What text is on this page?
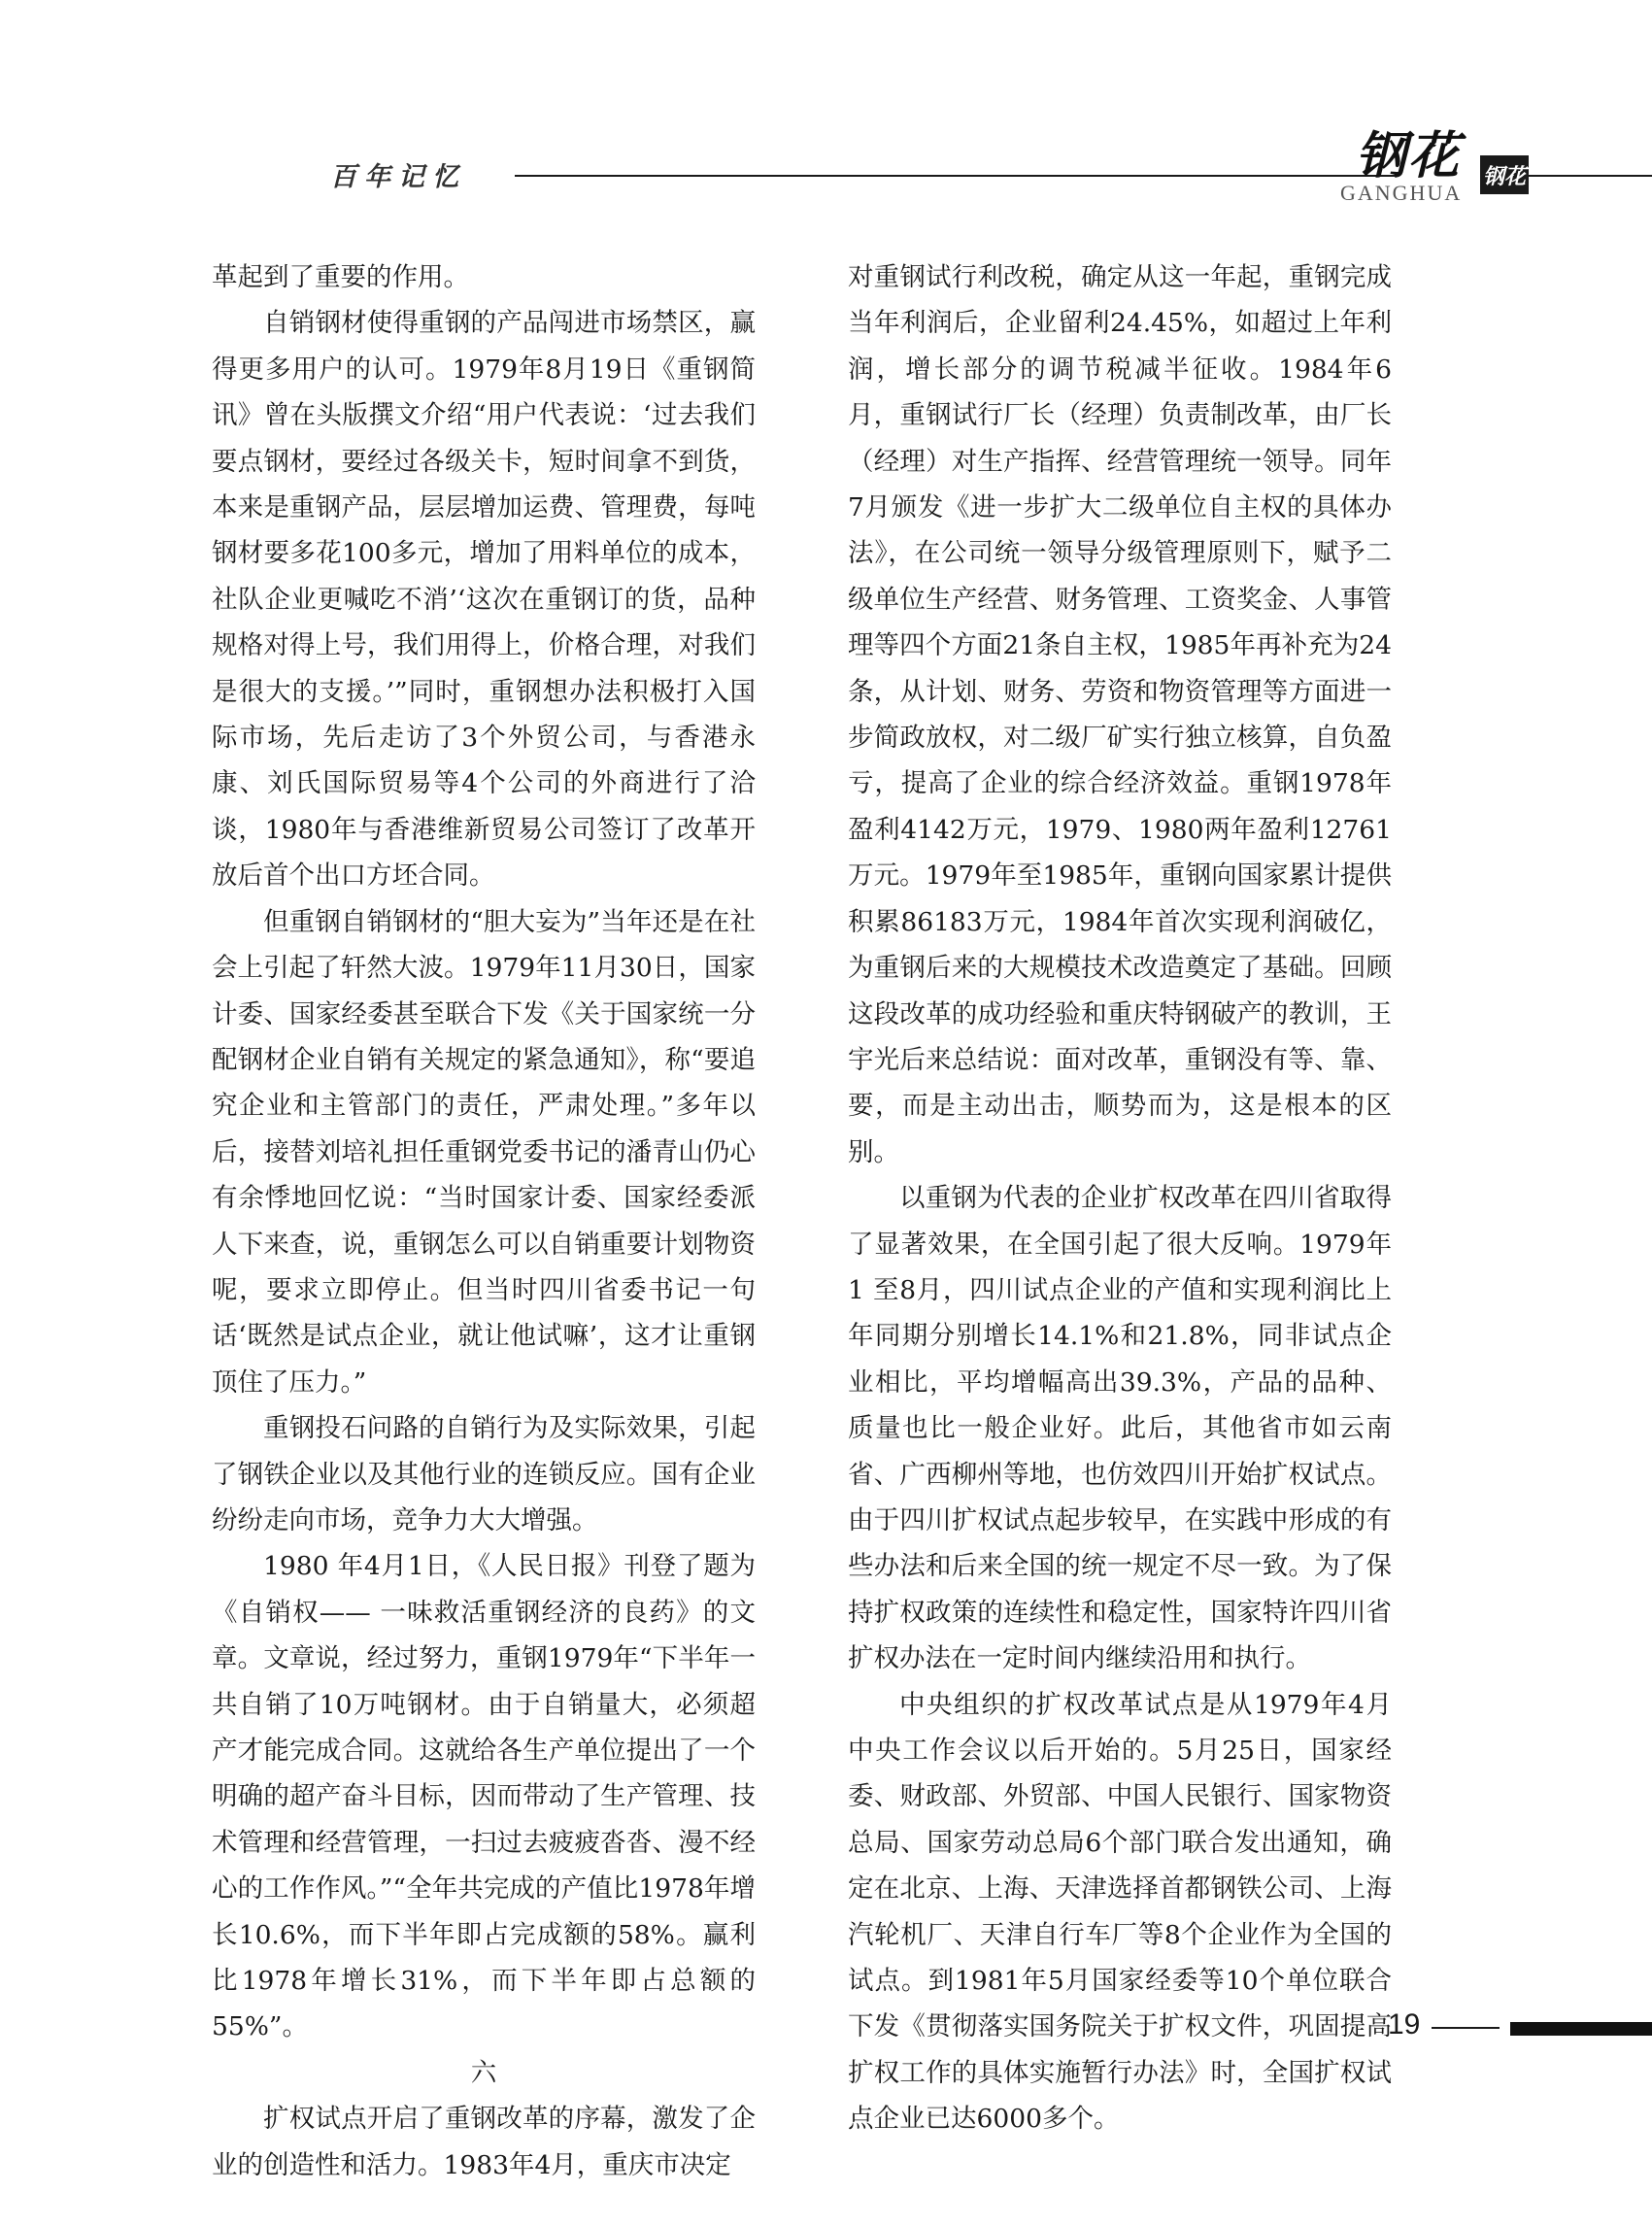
百年记忆	钢花
GANGHUA
钢花

革起到了重要的作用。

自销钢材使得重钢的产品闯进市场禁区，赢得更多用户的认可。1979年8月19日《重钢简讯》曾在头版撰文介绍“用户代表说：‘过去我们要点钢材，要经过各级关卡，短时间拿不到货，本来是重钢产品，层层增加运费、管理费，每吨钢材要多花100多元，增加了用料单位的成本，社队企业更喊吃不消’‘这次在重钢订的货，品种规格对得上号，我们用得上，价格合理，对我们是很大的支援。’”同时，重钢想办法积极打入国际市场，先后走访了3个外贸公司，与香港永康、刘氏国际贸易等4个公司的外商进行了洽谈，1980年与香港维新贸易公司签订了改革开放后首个出口方坯合同。

但重钢自销钢材的“胆大妄为”当年还是在社会上引起了轩然大波。1979年11月30日，国家计委、国家经委甚至联合下发《关于国家统一分配钢材企业自销有关规定的紧急通知》，称“要追究企业和主管部门的责任，严肃处理。”多年以后，接替刘培礼担任重钢党委书记的潘青山仍心有余悸地回忆说：“当时国家计委、国家经委派人下来查，说，重钢怎么可以自销重要计划物资呢，要求立即停止。但当时四川省委书记一句话‘既然是试点企业，就让他试嘛’，这才让重钢顶住了压力。”

重钢投石问路的自销行为及实际效果，引起了钢铁企业以及其他行业的连锁反应。国有企业纷纷走向市场，竞争力大大增强。

1980 年4月1日，《人民日报》刊登了题为《自销权—— 一味救活重钢经济的良药》的文章。文章说，经过努力，重钢1979年“下半年一共自销了10万吨钢材。由于自销量大，必须超产才能完成合同。这就给各生产单位提出了一个明确的超产奋斗目标，因而带动了生产管理、技术管理和经营管理，一扫过去疲疲沓沓、漫不经心的工作作风。”“全年共完成的产值比1978年增长10.6%，而下半年即占完成额的58%。赢利比1978年增长31%，而下半年即占总额的55%”。

六

扩权试点开启了重钢改革的序幕，激发了企业的创造性和活力。1983年4月，重庆市决定

对重钢试行利改税，确定从这一年起，重钢完成当年利润后，企业留利24.45%，如超过上年利润，增长部分的调节税减半征收。1984年6月，重钢试行厂长（经理）负责制改革，由厂长（经理）对生产指挥、经营管理统一领导。同年7月颁发《进一步扩大二级单位自主权的具体办法》，在公司统一领导分级管理原则下，赋予二级单位生产经营、财务管理、工资奖金、人事管理等四个方面21条自主权，1985年再补充为24条，从计划、财务、劳资和物资管理等方面进一步简政放权，对二级厂矿实行独立核算，自负盈亏，提高了企业的综合经济效益。重钢1978年盈利4142万元，1979、1980两年盈利12761万元。1979年至1985年，重钢向国家累计提供积累86183万元，1984年首次实现利润破亿，为重钢后来的大规模技术改造奠定了基础。回顾这段改革的成功经验和重庆特钢破产的教训，王宇光后来总结说：面对改革，重钢没有等、靠、要，而是主动出击，顺势而为，这是根本的区别。

以重钢为代表的企业扩权改革在四川省取得了显著效果，在全国引起了很大反响。1979年1 至8月，四川试点企业的产值和实现利润比上年同期分别增长14.1%和21.8%，同非试点企业相比，平均增幅高出39.3%，产品的品种、质量也比一般企业好。此后，其他省市如云南省、广西柳州等地，也仿效四川开始扩权试点。由于四川扩权试点起步较早，在实践中形成的有些办法和后来全国的统一规定不尽一致。为了保持扩权政策的连续性和稳定性，国家特许四川省扩权办法在一定时间内继续沿用和执行。

中央组织的扩权改革试点是从1979年4月中央工作会议以后开始的。5月25日，国家经委、财政部、外贸部、中国人民银行、国家物资总局、国家劳动总局6个部门联合发出通知，确定在北京、上海、天津选择首都钢铁公司、上海汽轮机厂、天津自行车厂等8个企业作为全国的试点。到1981年5月国家经委等10个单位联合下发《贯彻落实国务院关于扩权文件，巩固提高扩权工作的具体实施暂行办法》时，全国扩权试点企业已达6000多个。

19
